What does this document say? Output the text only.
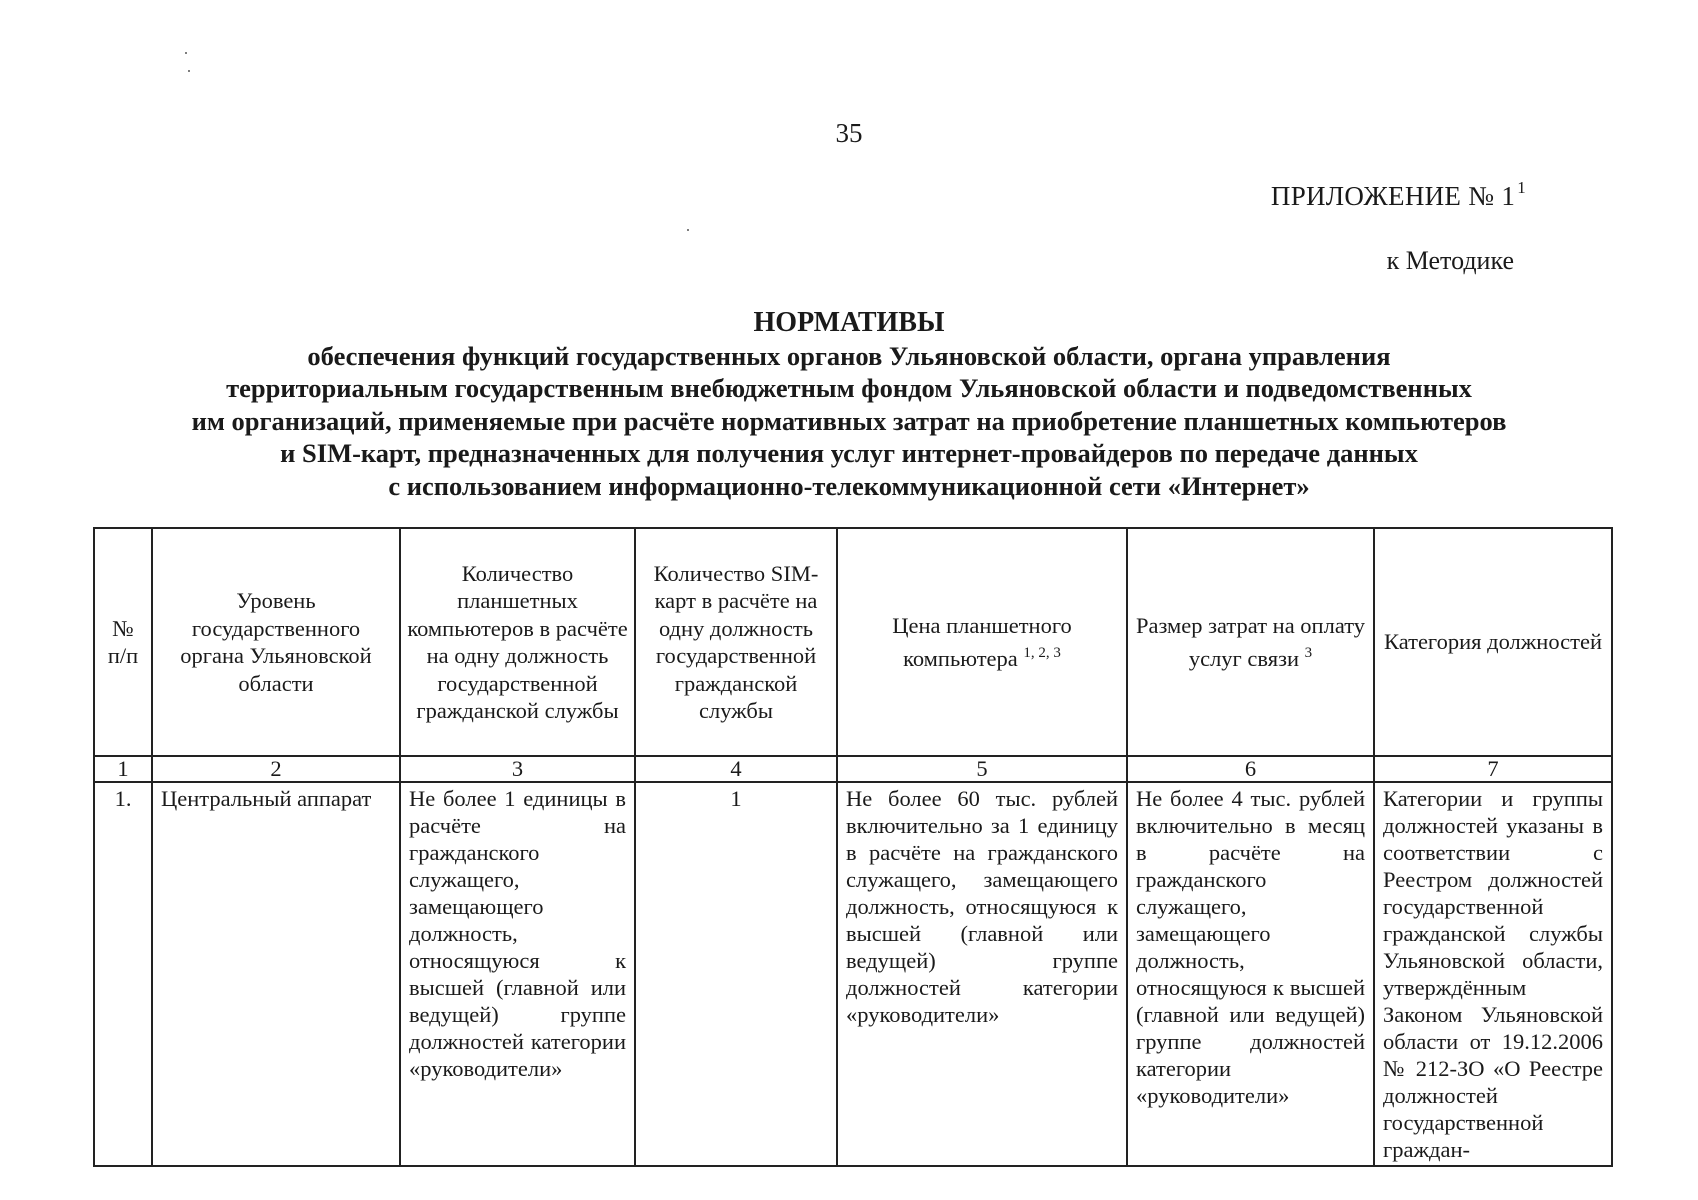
35
ПРИЛОЖЕНИЕ № 1 $^1$
к Методике
НОРМАТИВЫ
обеспечения функций государственных органов Ульяновской области, органа управления
территориальным государственным внебюджетным фондом Ульяновской области и подведомственных
им организаций, применяемые при расчёте нормативных затрат на приобретение планшетных компьютеров
и SIM-карт, предназначенных для получения услуг интернет-провайдеров по передаче данных
с использованием информационно-телекоммуникационной сети «Интернет»
№ п/п	Уровень государственного органа Ульяновской области	Количество планшетных компьютеров в расчёте на одну должность государственной гражданской службы	Количество SIM-карт в расчёте на одну должность государственной гражданской службы	Цена планшетного компьютера $^{1, 2, 3}$	Размер затрат на оплату услуг связи $^3$	Категория должностей
1	2	3	4	5	6	7
1.	Центральный аппарат	Не более 1 единицы в расчёте на гражданского служащего, замещающего должность, относящуюся к высшей (главной или ведущей) группе должностей категории «руководители»	1	Не более 60 тыс. рублей включительно за 1 единицу в расчёте на гражданского служащего, замещающего должность, относящуюся к высшей (главной или ведущей) группе должностей категории «руководители»	Не более 4 тыс. рублей включительно в месяц в расчёте на гражданского служащего, замещающего должность, относящуюся к высшей (главной или ведущей) группе должностей категории «руководители»	Категории и группы должностей указаны в соответствии с Реестром должностей государственной гражданской службы Ульяновской области, утверждённым Законом Ульяновской области от 19.12.2006 № 212-ЗО «О Реестре должностей государственной граждан-
